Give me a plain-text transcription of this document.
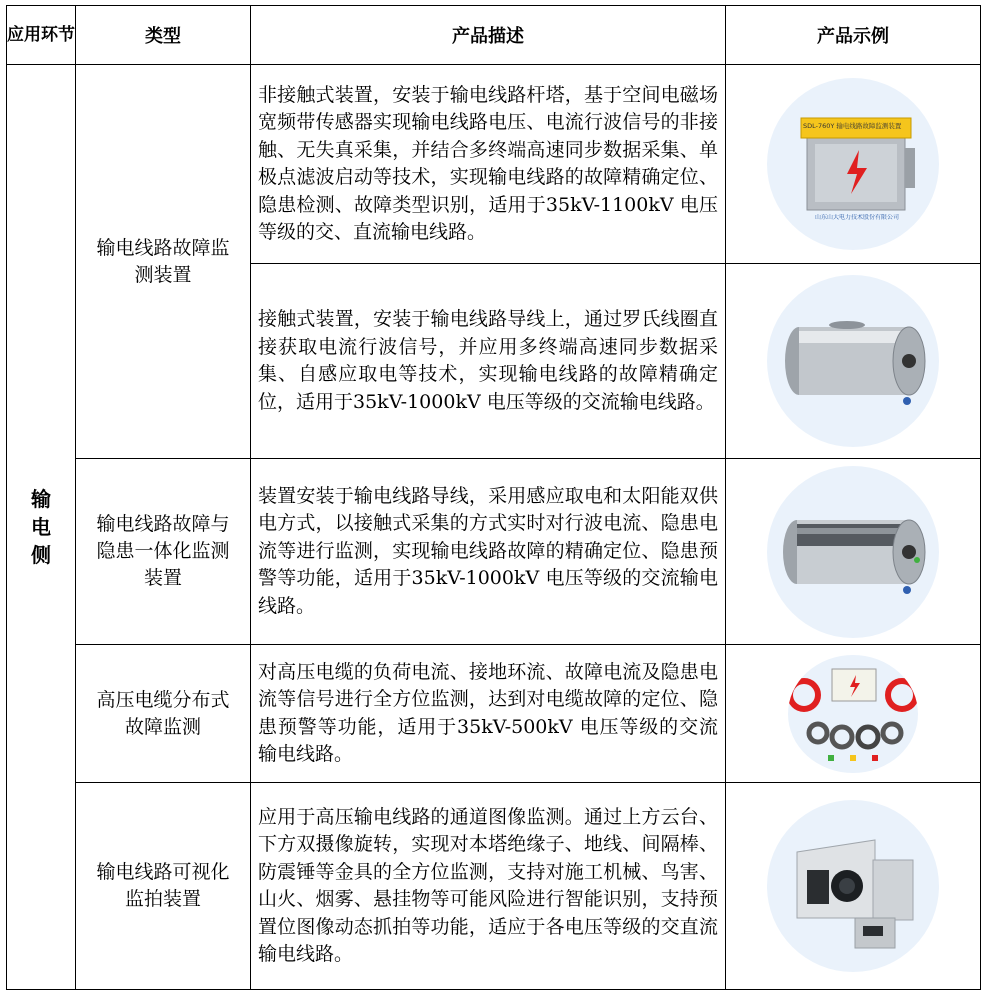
应用环节	类型	产品描述	产品示例

输电侧	输电线路故障监测装置	非接触式装置，安装于输电线路杆塔，基于空间电磁场宽频带传感器实现输电线路电压、电流行波信号的非接触、无失真采集，并结合多终端高速同步数据采集、单极点滤波启动等技术，实现输电线路的故障精确定位、隐患检测、故障类型识别，适用于35kV-1100kV 电压等级的交、直流输电线路。	SDL-760Y 输电线路故障监测装置
山东山大电力技术股份有限公司

		接触式装置，安装于输电线路导线上，通过罗氏线圈直接获取电流行波信号，并应用多终端高速同步数据采集、自感应取电等技术，实现输电线路的故障精确定位，适用于35kV-1000kV 电压等级的交流输电线路。	

	输电线路故障与隐患一体化监测装置	装置安装于输电线路导线，采用感应取电和太阳能双供电方式，以接触式采集的方式实时对行波电流、隐患电流等进行监测，实现输电线路故障的精确定位、隐患预警等功能，适用于35kV-1000kV 电压等级的交流输电线路。	

	高压电缆分布式故障监测	对高压电缆的负荷电流、接地环流、故障电流及隐患电流等信号进行全方位监测，达到对电缆故障的定位、隐患预警等功能，适用于35kV-500kV 电压等级的交流输电线路。	

	输电线路可视化监拍装置	应用于高压输电线路的通道图像监测。通过上方云台、下方双摄像旋转，实现对本塔绝缘子、地线、间隔棒、防震锤等金具的全方位监测，支持对施工机械、鸟害、山火、烟雾、悬挂物等可能风险进行智能识别，支持预置位图像动态抓拍等功能，适应于各电压等级的交直流输电线路。	
